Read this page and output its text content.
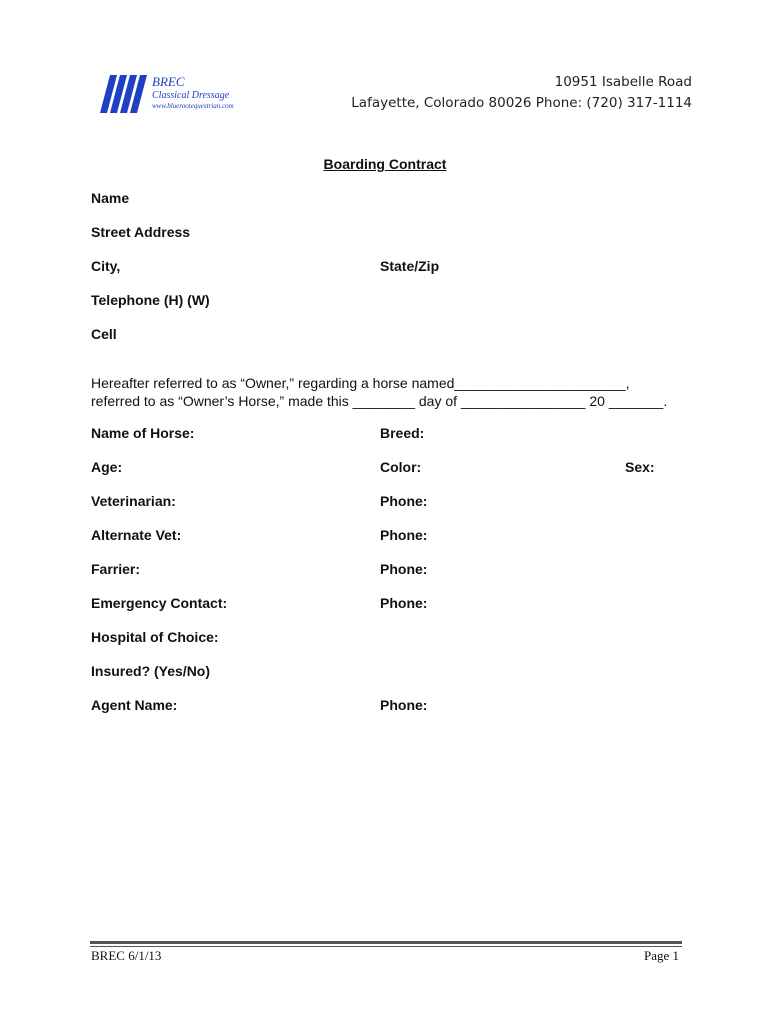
BREC
Classical Dressage
www.bluerootequestrian.com
10951 Isabelle Road
Lafayette, Colorado 80026 Phone: (720) 317-1114
Boarding Contract
Name
Street Address
City,	State/Zip
Telephone (H) (W)
Cell
Hereafter referred to as “Owner,” regarding a horse named______________________,
referred to as “Owner’s Horse,” made this ________ day of ________________ 20 _______.
Name of Horse:	Breed:
Age:	Color:	Sex:
Veterinarian:	Phone:
Alternate Vet:	Phone:
Farrier:	Phone:
Emergency Contact:	Phone:
Hospital of Choice:
Insured? (Yes/No)
Agent Name:	Phone:
BREC 6/1/13	Page 1
